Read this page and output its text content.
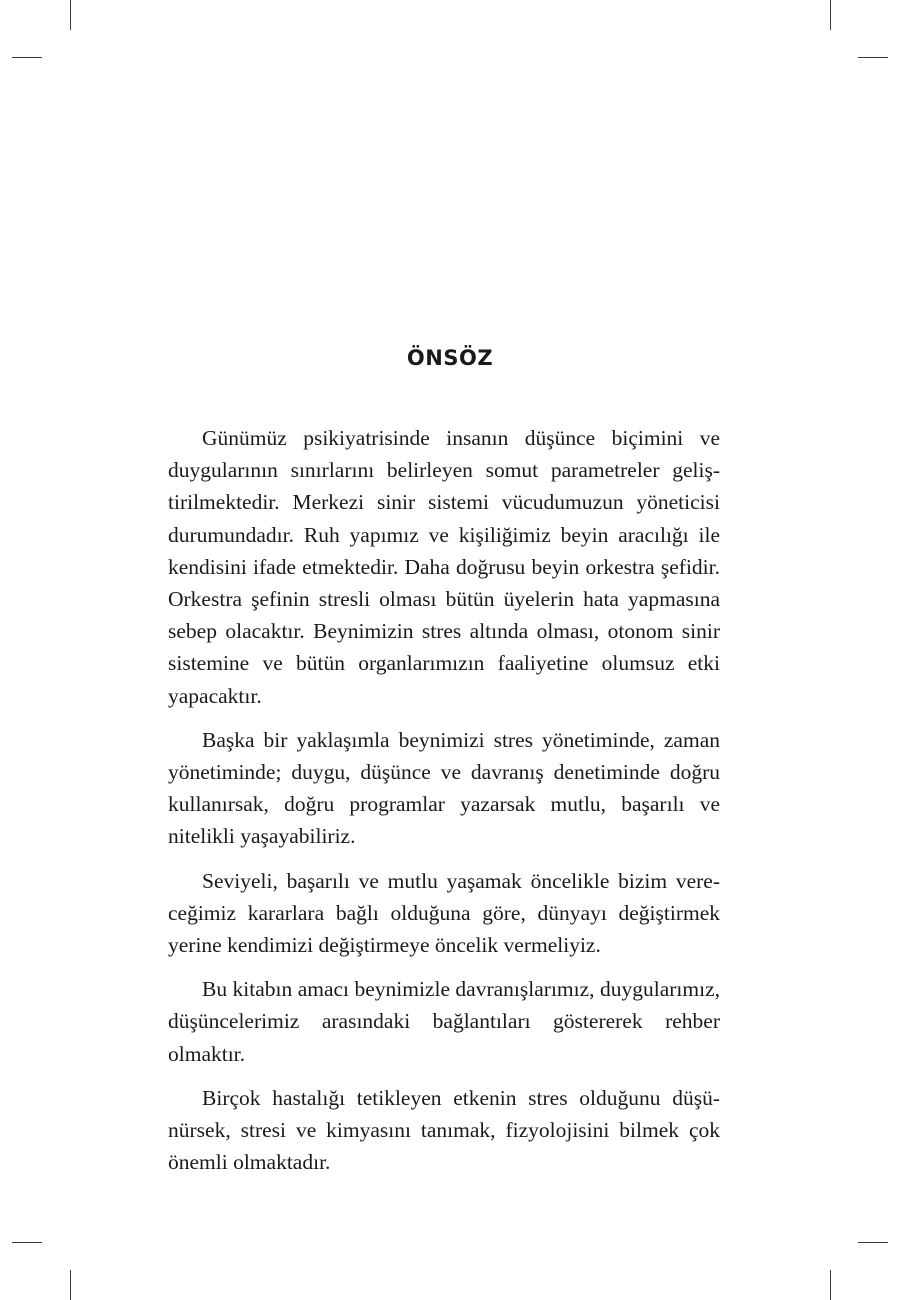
ÖNSÖZ

Günümüz psikiyatrisinde insanın düşünce biçimini ve duygularının sınırlarını belirleyen somut parametreler geliştirilmektedir. Merkezi sinir sistemi vücudumuzun yöneticisi durumundadır. Ruh yapımız ve kişiliğimiz beyin aracılığı ile kendisini ifade etmektedir. Daha doğrusu beyin orkestra şefidir. Orkestra şefinin stresli olması bütün üyelerin hata yapmasına sebep olacaktır. Beynimizin stres altında olması, otonom sinir sistemine ve bütün organlarımızın faaliyetine olumsuz etki yapacaktır.

Başka bir yaklaşımla beynimizi stres yönetiminde, zaman yönetiminde; duygu, düşünce ve davranış denetiminde doğru kullanırsak, doğru programlar yazarsak mutlu, başarılı ve nitelikli yaşayabiliriz.

Seviyeli, başarılı ve mutlu yaşamak öncelikle bizim vereceğimiz kararlara bağlı olduğuna göre, dünyayı değiştirmek yerine kendimizi değiştirmeye öncelik vermeliyiz.

Bu kitabın amacı beynimizle davranışlarımız, duygularımız, düşüncelerimiz arasındaki bağlantıları göstererek rehber olmaktır.

Birçok hastalığı tetikleyen etkenin stres olduğunu düşünürsek, stresi ve kimyasını tanımak, fizyolojisini bilmek çok önemli olmaktadır.
